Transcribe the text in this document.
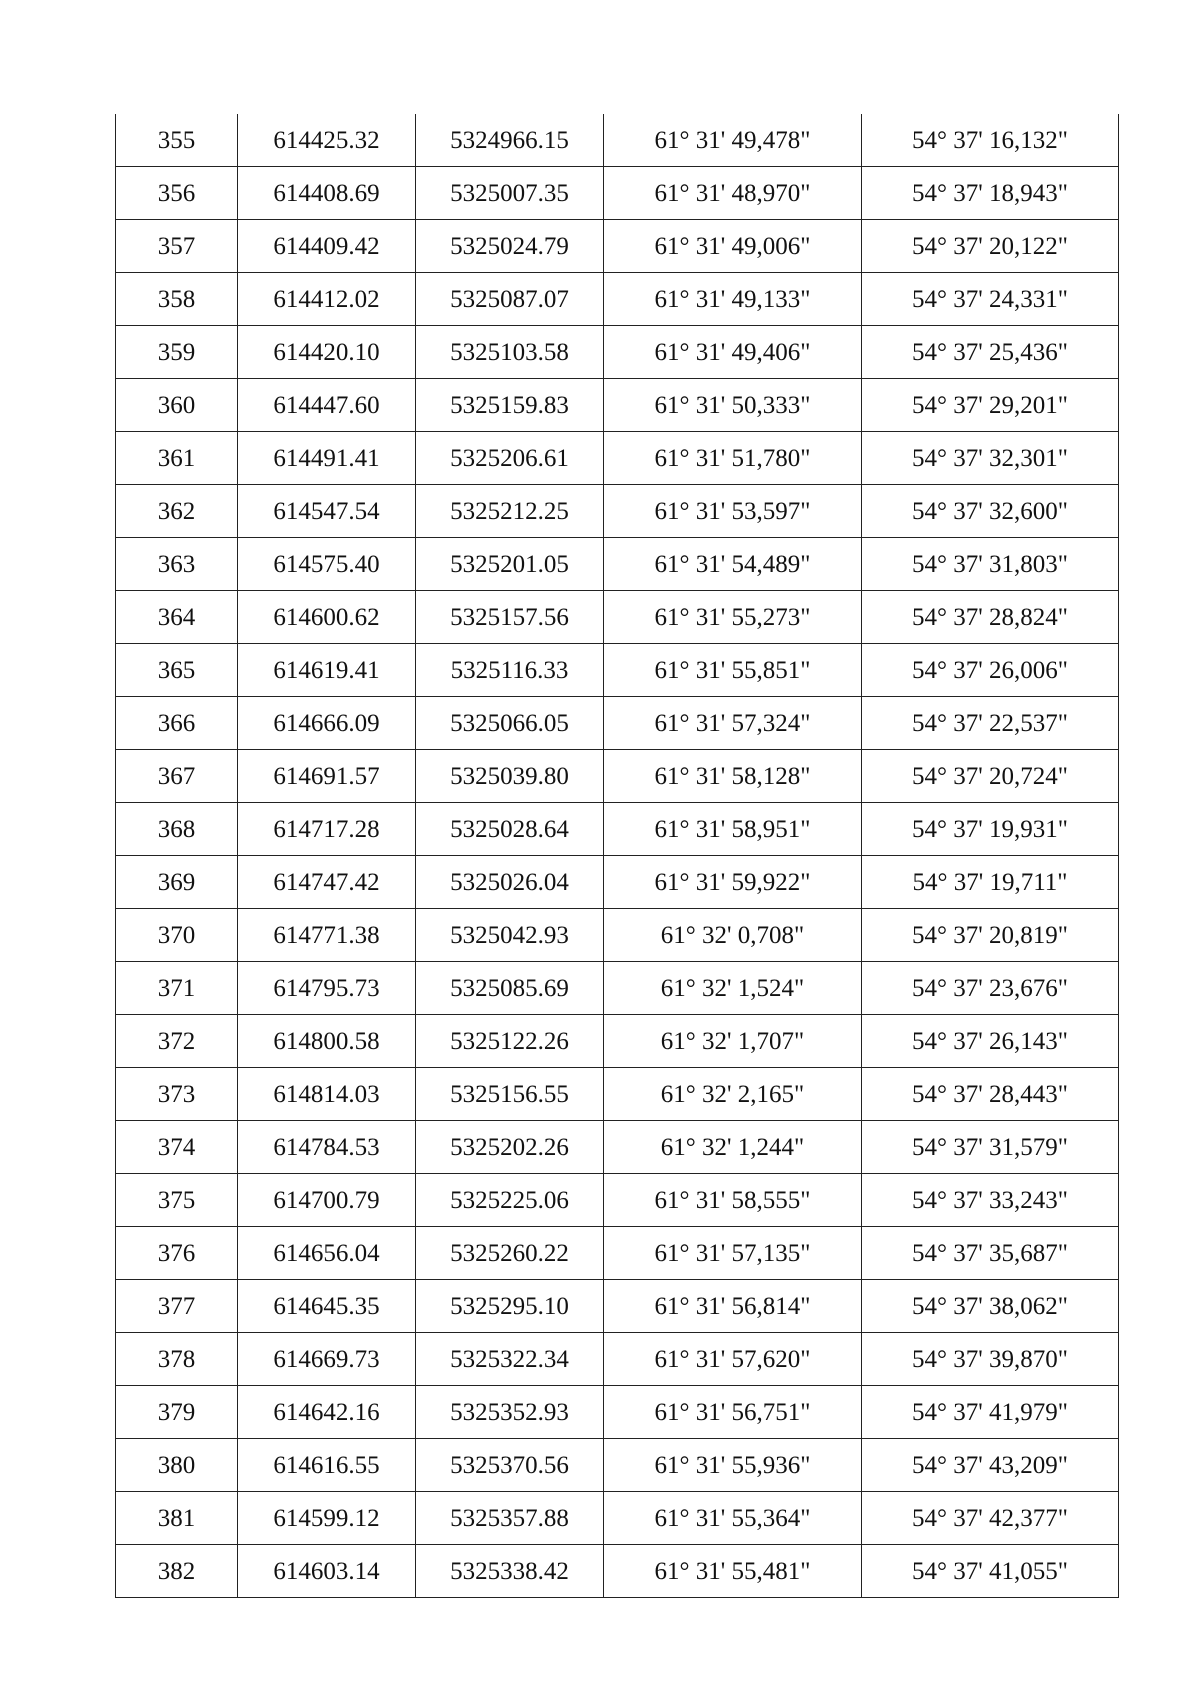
355	614425.32	5324966.15	61° 31' 49,478"	54° 37' 16,132"
356	614408.69	5325007.35	61° 31' 48,970"	54° 37' 18,943"
357	614409.42	5325024.79	61° 31' 49,006"	54° 37' 20,122"
358	614412.02	5325087.07	61° 31' 49,133"	54° 37' 24,331"
359	614420.10	5325103.58	61° 31' 49,406"	54° 37' 25,436"
360	614447.60	5325159.83	61° 31' 50,333"	54° 37' 29,201"
361	614491.41	5325206.61	61° 31' 51,780"	54° 37' 32,301"
362	614547.54	5325212.25	61° 31' 53,597"	54° 37' 32,600"
363	614575.40	5325201.05	61° 31' 54,489"	54° 37' 31,803"
364	614600.62	5325157.56	61° 31' 55,273"	54° 37' 28,824"
365	614619.41	5325116.33	61° 31' 55,851"	54° 37' 26,006"
366	614666.09	5325066.05	61° 31' 57,324"	54° 37' 22,537"
367	614691.57	5325039.80	61° 31' 58,128"	54° 37' 20,724"
368	614717.28	5325028.64	61° 31' 58,951"	54° 37' 19,931"
369	614747.42	5325026.04	61° 31' 59,922"	54° 37' 19,711"
370	614771.38	5325042.93	61° 32' 0,708"	54° 37' 20,819"
371	614795.73	5325085.69	61° 32' 1,524"	54° 37' 23,676"
372	614800.58	5325122.26	61° 32' 1,707"	54° 37' 26,143"
373	614814.03	5325156.55	61° 32' 2,165"	54° 37' 28,443"
374	614784.53	5325202.26	61° 32' 1,244"	54° 37' 31,579"
375	614700.79	5325225.06	61° 31' 58,555"	54° 37' 33,243"
376	614656.04	5325260.22	61° 31' 57,135"	54° 37' 35,687"
377	614645.35	5325295.10	61° 31' 56,814"	54° 37' 38,062"
378	614669.73	5325322.34	61° 31' 57,620"	54° 37' 39,870"
379	614642.16	5325352.93	61° 31' 56,751"	54° 37' 41,979"
380	614616.55	5325370.56	61° 31' 55,936"	54° 37' 43,209"
381	614599.12	5325357.88	61° 31' 55,364"	54° 37' 42,377"
382	614603.14	5325338.42	61° 31' 55,481"	54° 37' 41,055"
